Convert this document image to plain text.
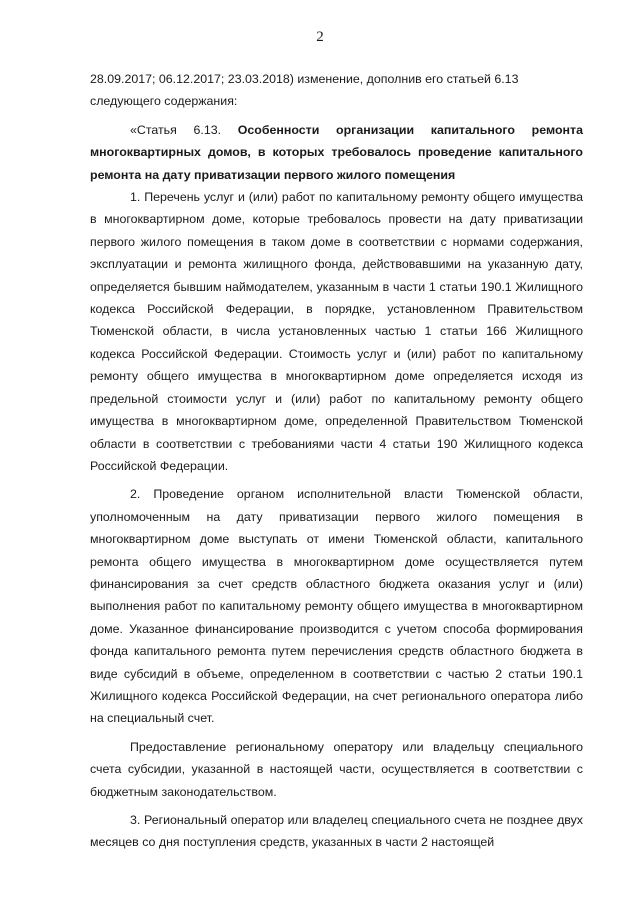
2

28.09.2017; 06.12.2017; 23.03.2018) изменение, дополнив его статьей 6.13

следующего содержания:

«Статья 6.13. Особенности организации капитального ремонта многоквартирных домов, в которых требовалось проведение капитального ремонта на дату приватизации первого жилого помещения

1. Перечень услуг и (или) работ по капитальному ремонту общего имущества в многоквартирном доме, которые требовалось провести на дату приватизации первого жилого помещения в таком доме в соответствии с нормами содержания, эксплуатации и ремонта жилищного фонда, действовавшими на указанную дату, определяется бывшим наймодателем, указанным в части 1 статьи 190.1 Жилищного кодекса Российской Федерации, в порядке, установленном Правительством Тюменской области, в числа установленных частью 1 статьи 166 Жилищного кодекса Российской Федерации. Стоимость услуг и (или) работ по капитальному ремонту общего имущества в многоквартирном доме определяется исходя из предельной стоимости услуг и (или) работ по капитальному ремонту общего имущества в многоквартирном доме, определенной Правительством Тюменской области в соответствии с требованиями части 4 статьи 190 Жилищного кодекса Российской Федерации.

2. Проведение органом исполнительной власти Тюменской области, уполномоченным на дату приватизации первого жилого помещения в многоквартирном доме выступать от имени Тюменской области, капитального ремонта общего имущества в многоквартирном доме осуществляется путем финансирования за счет средств областного бюджета оказания услуг и (или) выполнения работ по капитальному ремонту общего имущества в многоквартирном доме. Указанное финансирование производится с учетом способа формирования фонда капитального ремонта путем перечисления средств областного бюджета в виде субсидий в объеме, определенном в соответствии с частью 2 статьи 190.1 Жилищного кодекса Российской Федерации, на счет регионального оператора либо на специальный счет.

Предоставление региональному оператору или владельцу специального счета субсидии, указанной в настоящей части, осуществляется в соответствии с бюджетным законодательством.

3. Региональный оператор или владелец специального счета не позднее двух месяцев со дня поступления средств, указанных в части 2 настоящей
